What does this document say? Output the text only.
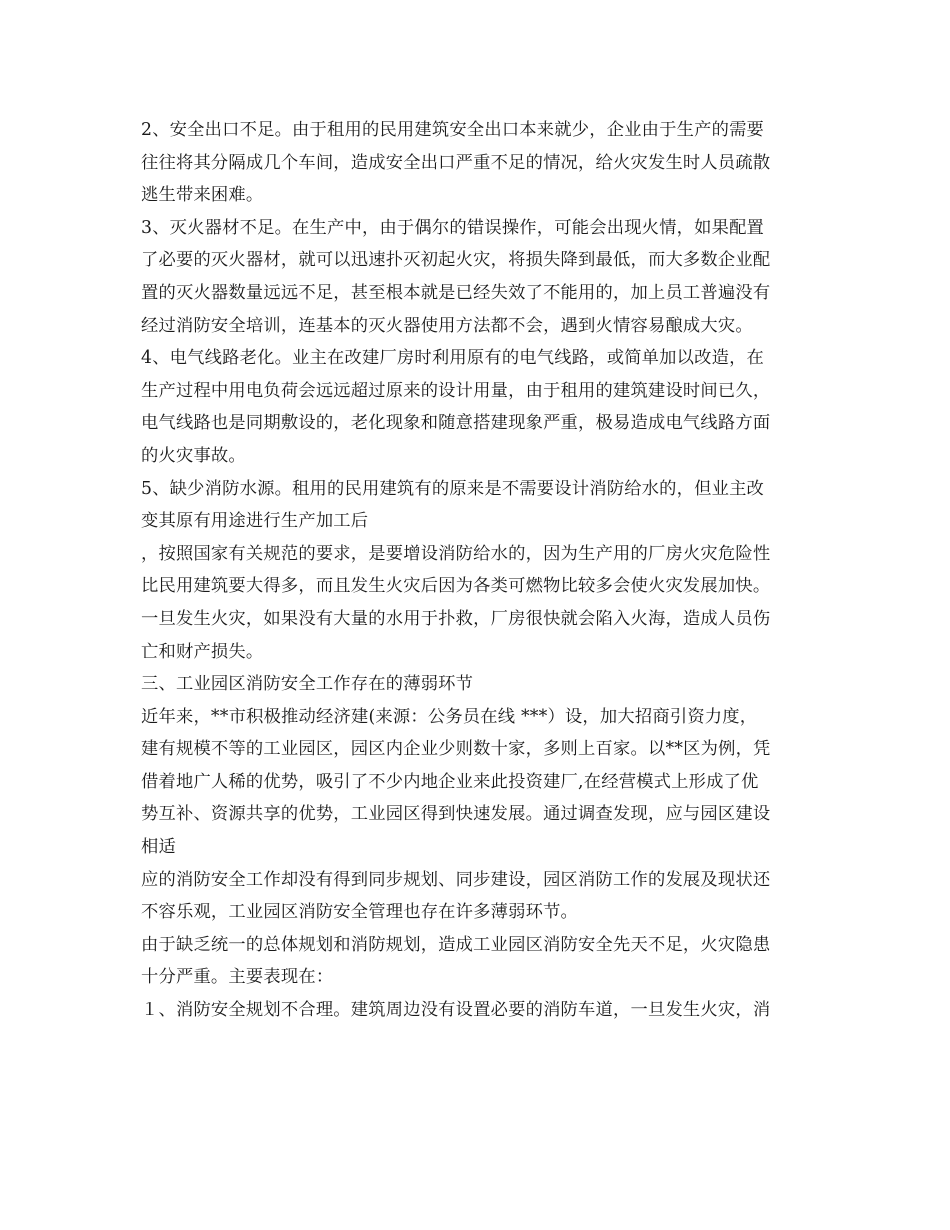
2、安全出口不足。由于租用的民用建筑安全出口本来就少，企业由于生产的需要
往往将其分隔成几个车间，造成安全出口严重不足的情况，给火灾发生时人员疏散
逃生带来困难。
3、灭火器材不足。在生产中，由于偶尔的错误操作，可能会出现火情，如果配置
了必要的灭火器材，就可以迅速扑灭初起火灾，将损失降到最低，而大多数企业配
置的灭火器数量远远不足，甚至根本就是已经失效了不能用的，加上员工普遍没有
经过消防安全培训，连基本的灭火器使用方法都不会，遇到火情容易酿成大灾。
4、电气线路老化。业主在改建厂房时利用原有的电气线路，或简单加以改造，在
生产过程中用电负荷会远远超过原来的设计用量，由于租用的建筑建设时间已久，
电气线路也是同期敷设的，老化现象和随意搭建现象严重，极易造成电气线路方面
的火灾事故。
5、缺少消防水源。租用的民用建筑有的原来是不需要设计消防给水的，但业主改
变其原有用途进行生产加工后
，按照国家有关规范的要求，是要增设消防给水的，因为生产用的厂房火灾危险性
比民用建筑要大得多，而且发生火灾后因为各类可燃物比较多会使火灾发展加快。
一旦发生火灾，如果没有大量的水用于扑救，厂房很快就会陷入火海，造成人员伤
亡和财产损失。
三、工业园区消防安全工作存在的薄弱环节
近年来，**市积极推动经济建(来源：公务员在线 ***）设，加大招商引资力度，
建有规模不等的工业园区，园区内企业少则数十家，多则上百家。以**区为例，凭
借着地广人稀的优势，吸引了不少内地企业来此投资建厂,在经营模式上形成了优
势互补、资源共享的优势，工业园区得到快速发展。通过调查发现，应与园区建设
相适
应的消防安全工作却没有得到同步规划、同步建设，园区消防工作的发展及现状还
不容乐观，工业园区消防安全管理也存在许多薄弱环节。
由于缺乏统一的总体规划和消防规划，造成工业园区消防安全先天不足，火灾隐患
十分严重。主要表现在：
１、消防安全规划不合理。建筑周边没有设置必要的消防车道，一旦发生火灾，消
